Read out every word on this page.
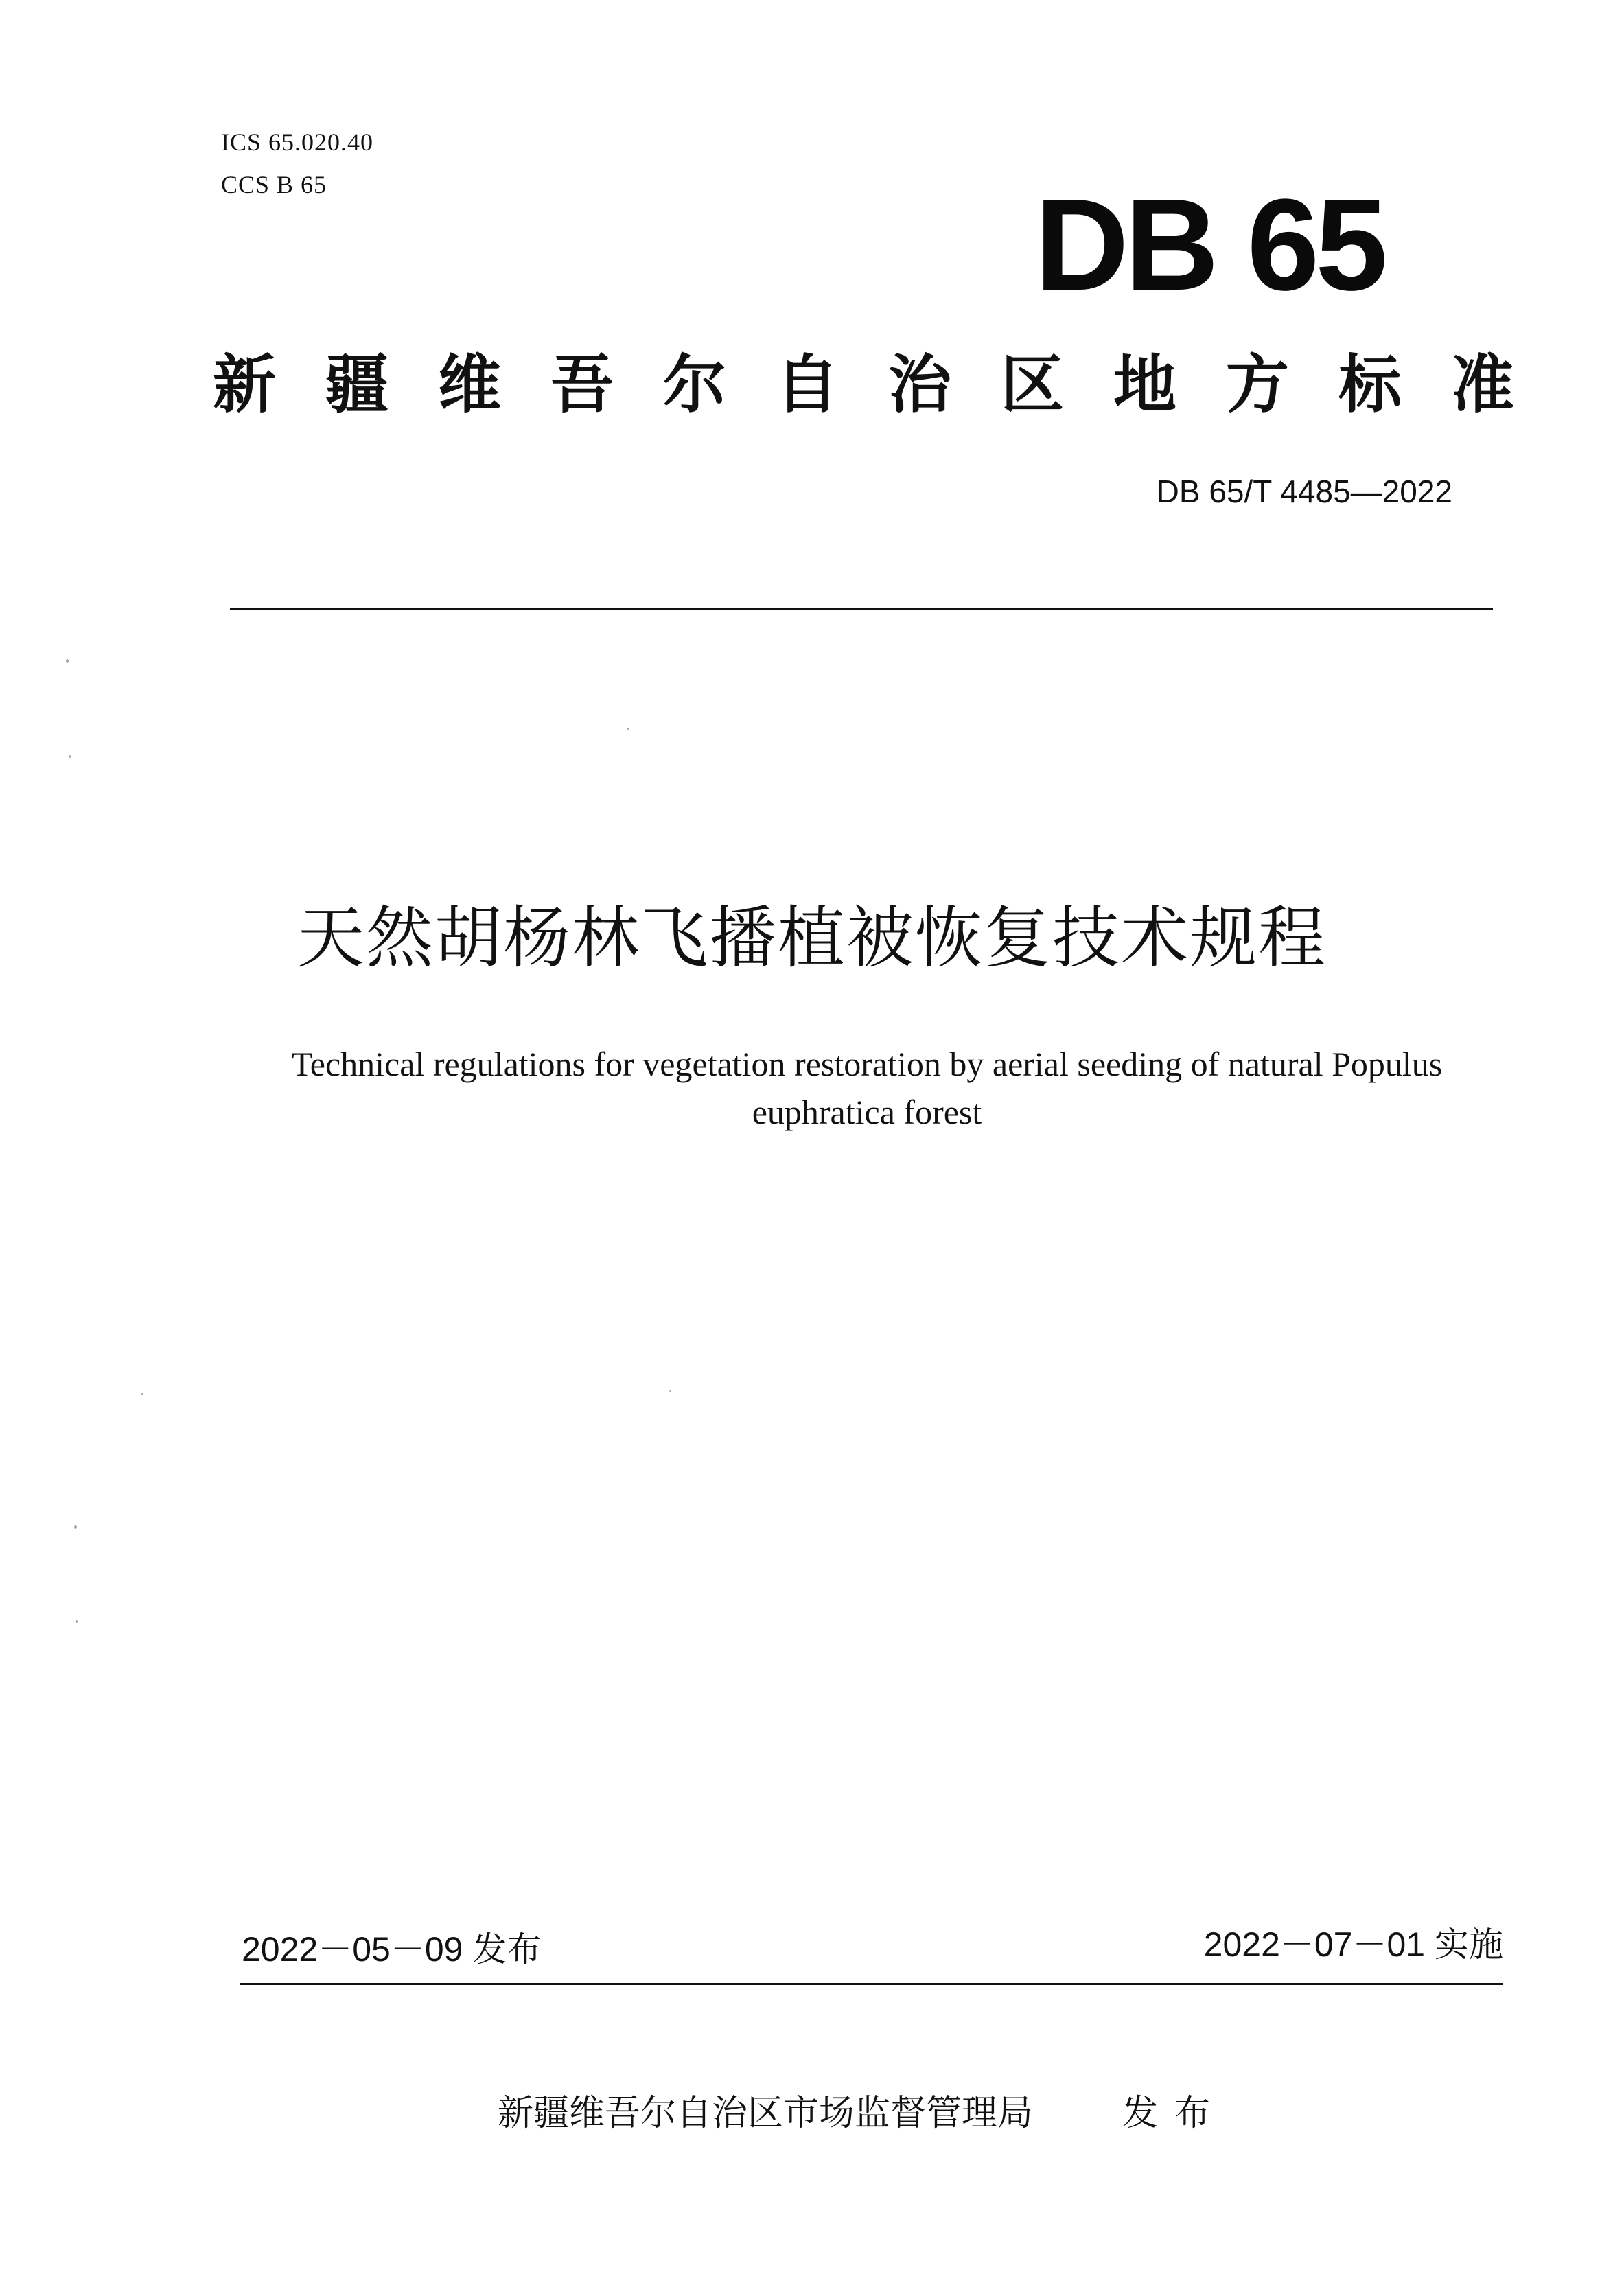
ICS 65.020.40
CCS B 65	DB 65
新疆维吾尔自治区地方标准
DB 65/T 4485—2022
天然胡杨林飞播植被恢复技术规程
Technical regulations for vegetation restoration by aerial seeding of natural Populus euphratica forest
2022－05－09 发布	2022－07－01 实施
新疆维吾尔自治区市场监督管理局 发布
